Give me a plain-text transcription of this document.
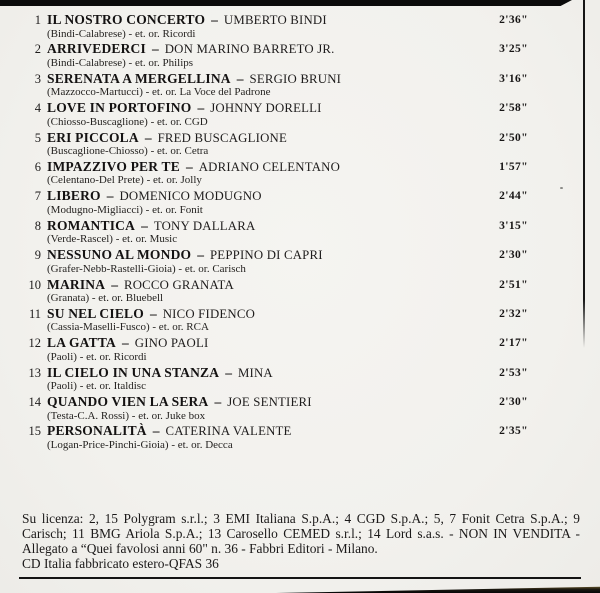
1 IL NOSTRO CONCERTO – UMBERTO BINDI
(Bindi-Calabrese) - et. or. Ricordi
2'36"
2 ARRIVEDERCI – DON MARINO BARRETO JR.
(Bindi-Calabrese) - et. or. Philips
3'25"
3 SERENATA A MERGELLINA – SERGIO BRUNI
(Mazzocco-Martucci) - et. or. La Voce del Padrone
3'16"
4 LOVE IN PORTOFINO – JOHNNY DORELLI
(Chiosso-Buscaglione) - et. or. CGD
2'58"
5 ERI PICCOLA – FRED BUSCAGLIONE
(Buscaglione-Chiosso) - et. or. Cetra
2'50"
6 IMPAZZIVO PER TE – ADRIANO CELENTANO
(Celentano-Del Prete) - et. or. Jolly
1'57"
7 LIBERO – DOMENICO MODUGNO
(Modugno-Migliacci) - et. or. Fonit
2'44"
8 ROMANTICA – TONY DALLARA
(Verde-Rascel) - et. or. Music
3'15"
9 NESSUNO AL MONDO – PEPPINO DI CAPRI
(Grafer-Nebb-Rastelli-Gioia) - et. or. Carisch
2'30"
10 MARINA – ROCCO GRANATA
(Granata) - et. or. Bluebell
2'51"
11 SU NEL CIELO – NICO FIDENCO
(Cassia-Maselli-Fusco) - et. or. RCA
2'32"
12 LA GATTA – GINO PAOLI
(Paoli) - et. or. Ricordi
2'17"
13 IL CIELO IN UNA STANZA – MINA
(Paoli) - et. or. Italdisc
2'53"
14 QUANDO VIEN LA SERA – JOE SENTIERI
(Testa-C.A. Rossi) - et. or. Juke box
2'30"
15 PERSONALITÀ – CATERINA VALENTE
(Logan-Price-Pinchi-Gioia) - et. or. Decca
2'35"

Su licenza: 2, 15 Polygram s.r.l.; 3 EMI Italiana S.p.A.; 4 CGD S.p.A.; 5, 7 Fonit Cetra S.p.A.; 9 Carisch; 11 BMG Ariola S.p.A.; 13 Carosello CEMED s.r.l.; 14 Lord s.a.s. - NON IN VENDITA - Allegato a “Quei favolosi anni 60" n. 36 - Fabbri Editori - Milano.

CD Italia fabbricato estero-QFAS 36
